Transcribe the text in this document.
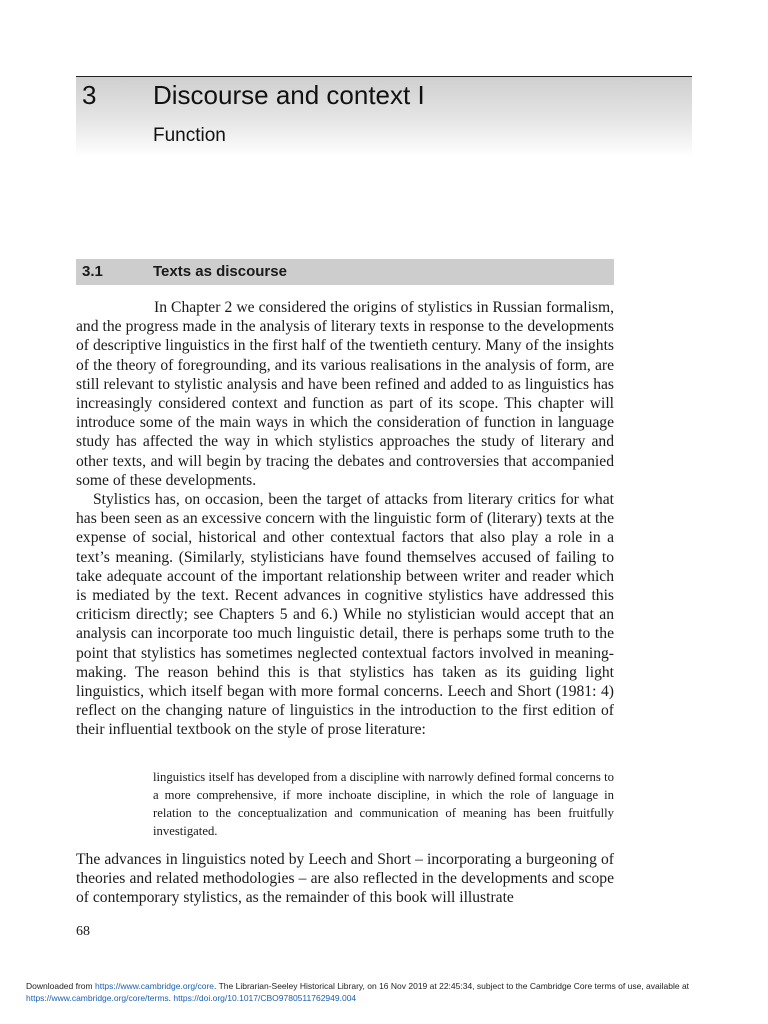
3 Discourse and context I
Function
3.1	Texts as discourse

In Chapter 2 we considered the origins of stylistics in Russian formalism, and the progress made in the analysis of literary texts in response to the developments of descriptive linguistics in the first half of the twentieth century. Many of the insights of the theory of foregrounding, and its various realisations in the analysis of form, are still relevant to stylistic analysis and have been refined and added to as linguistics has increasingly considered context and function as part of its scope. This chapter will introduce some of the main ways in which the consideration of function in language study has affected the way in which stylistics approaches the study of literary and other texts, and will begin by tracing the debates and controversies that accompanied some of these developments.

Stylistics has, on occasion, been the target of attacks from literary critics for what has been seen as an excessive concern with the linguistic form of (literary) texts at the expense of social, historical and other contextual factors that also play a role in a text’s meaning. (Similarly, stylisticians have found themselves accused of failing to take adequate account of the important relationship between writer and reader which is mediated by the text. Recent advances in cognitive stylistics have addressed this criticism directly; see Chapters 5 and 6.) While no stylistician would accept that an analysis can incorporate too much linguistic detail, there is perhaps some truth to the point that stylistics has sometimes neglected contextual factors involved in meaning-making. The reason behind this is that stylistics has taken as its guiding light linguistics, which itself began with more formal concerns. Leech and Short (1981: 4) reflect on the changing nature of linguistics in the introduction to the first edition of their influential textbook on the style of prose literature:

linguistics itself has developed from a discipline with narrowly defined formal concerns to a more comprehensive, if more inchoate discipline, in which the role of language in relation to the conceptualization and communication of meaning has been fruitfully investigated.

The advances in linguistics noted by Leech and Short – incorporating a burgeoning of theories and related methodologies – are also reflected in the developments and scope of contemporary stylistics, as the remainder of this book will illustrate

68
Downloaded from https://www.cambridge.org/core. The Librarian-Seeley Historical Library, on 16 Nov 2019 at 22:45:34, subject to the Cambridge Core terms of use, available at https://www.cambridge.org/core/terms. https://doi.org/10.1017/CBO9780511762949.004
